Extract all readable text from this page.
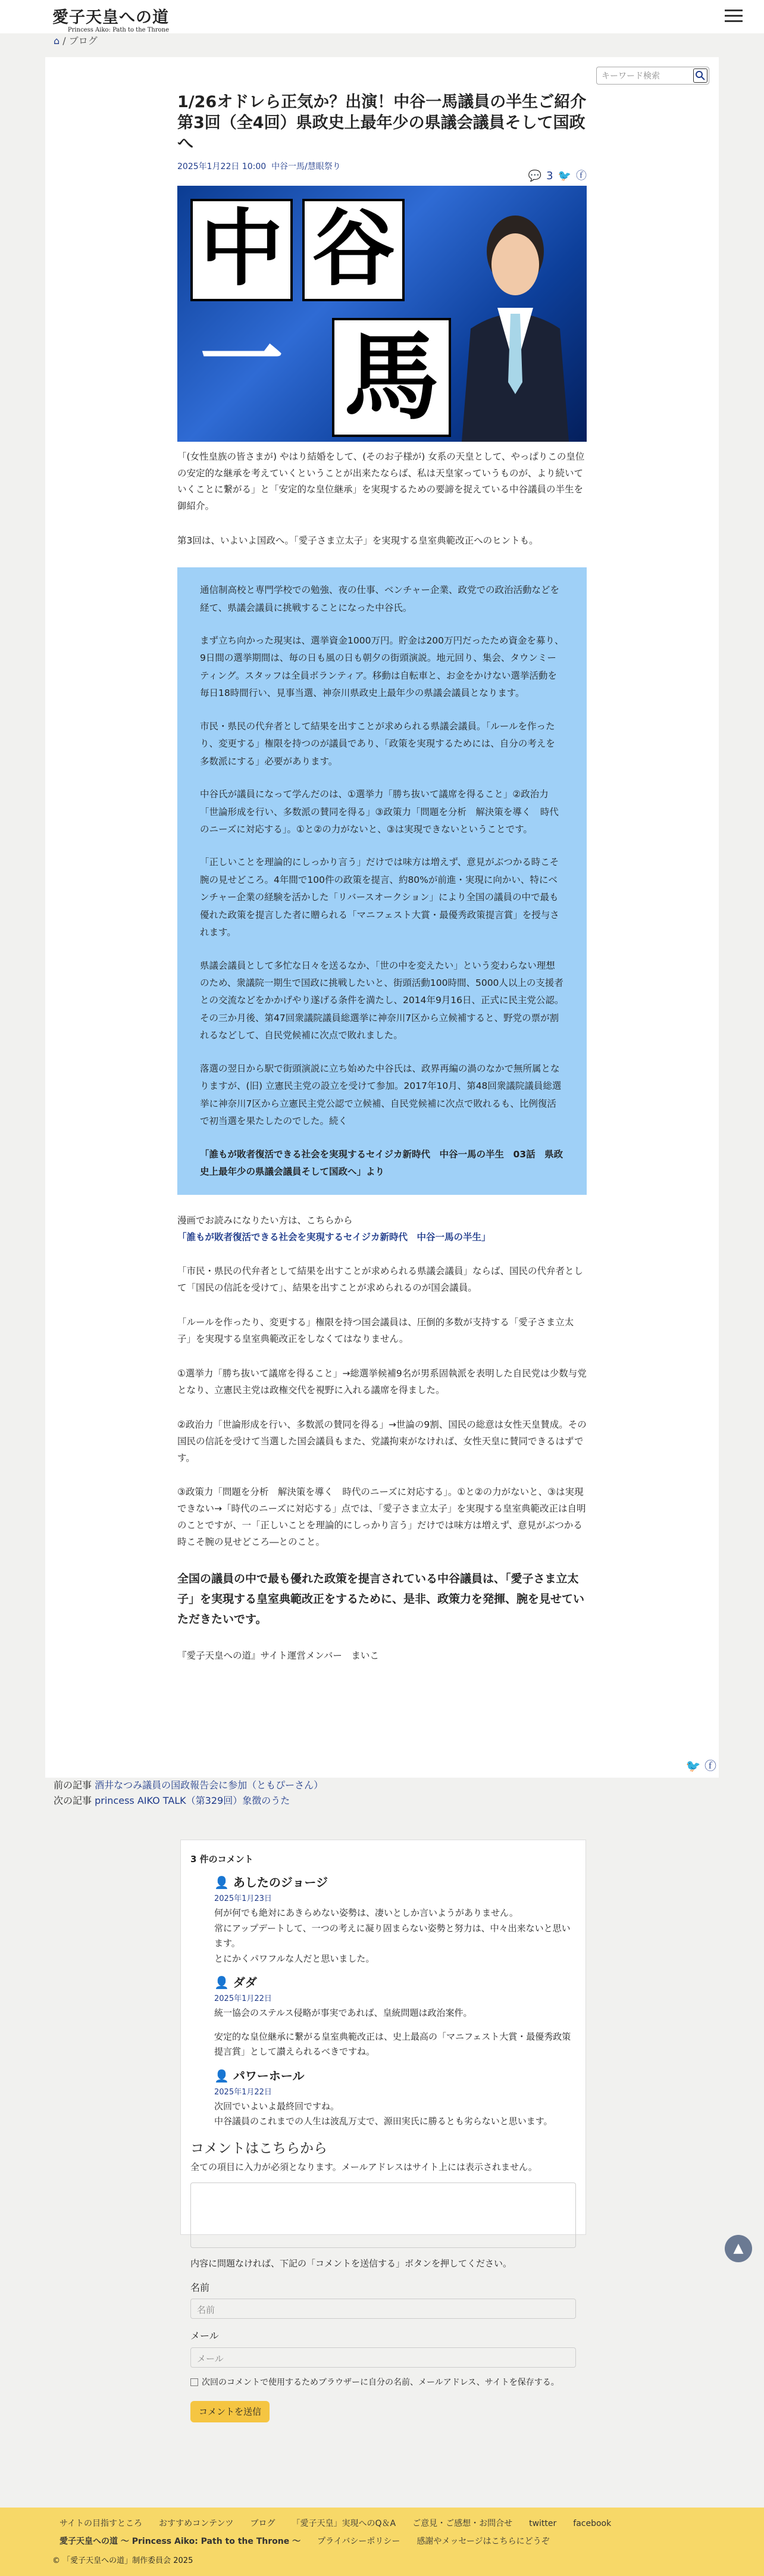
愛子天皇への道
Princess Aiko: Path to the Throne
⌂ / ブログ
キーワード検索
1/26オドレら正気か？出演！中谷一馬議員の半生ご紹介第3回（全4回）県政史上最年少の県議会議員そして国政へ
2025年1月22日 10:00 中谷一馬/慧眼祭り
💬 3 🐦 ⓕ
中 谷
一 馬

「(女性皇族の皆さまが) やはり結婚をして、(そのお子様が) 女系の天皇として、やっぱりこの皇位の安定的な継承を考えていくということが出来たならば、私は天皇家っていうものが、より続いていくことに繋がる」と「安定的な皇位継承」を実現するための要諦を捉えている中谷議員の半生を御紹介。

第3回は、いよいよ国政へ。「愛子さま立太子」を実現する皇室典範改正へのヒントも。

通信制高校と専門学校での勉強、夜の仕事、ベンチャー企業、政党での政治活動などを経て、県議会議員に挑戦することになった中谷氏。

まず立ち向かった現実は、選挙資金1000万円。貯金は200万円だったため資金を募り、9日間の選挙期間は、毎の日も風の日も朝夕の街頭演説。地元回り、集会、タウンミーティング。スタッフは全員ボランティア。移動は自転車と、お金をかけない選挙活動を毎日18時間行い、見事当選、神奈川県政史上最年少の県議会議員となります。

市民・県民の代弁者として結果を出すことが求められる県議会議員。「ルールを作ったり、変更する」権限を持つのが議員であり、「政策を実現するためには、自分の考えを多数派にする」必要があります。

中谷氏が議員になって学んだのは、①選挙力「勝ち抜いて議席を得ること」②政治力「世論形成を行い、多数派の賛同を得る」③政策力「問題を分析　解決策を導く　時代のニーズに対応する」。①と②の力がないと、③は実現できないということです。

「正しいことを理論的にしっかり言う」だけでは味方は増えず、意見がぶつかる時こそ腕の見せどころ。4年間で100件の政策を提言、約80%が前進・実現に向かい、特にベンチャー企業の経験を活かした「リバースオークション」により全国の議員の中で最も優れた政策を提言した者に贈られる「マニフェスト大賞・最優秀政策提言賞」を授与されます。

県議会議員として多忙な日々を送るなか、「世の中を変えたい」という変わらない理想のため、衆議院一期生で国政に挑戦したいと、街頭活動100時間、5000人以上の支援者との交流などをかかげやり遂げる条件を満たし、2014年9月16日、正式に民主党公認。その三か月後、第47回衆議院議員総選挙に神奈川7区から立候補すると、野党の票が割れるなどして、自民党候補に次点で敗れました。

落選の翌日から駅で街頭演説に立ち始めた中谷氏は、政界再編の渦のなかで無所属となりますが、(旧) 立憲民主党の設立を受けて参加。2017年10月、第48回衆議院議員総選挙に神奈川7区から立憲民主党公認で立候補、自民党候補に次点で敗れるも、比例復活で初当選を果たしたのでした。続く

「誰もが敗者復活できる社会を実現するセイジカ新時代　中谷一馬の半生　03話　県政史上最年少の県議会議員そして国政へ」より

漫画でお読みになりたい方は、こちらから

「誰もが敗者復活できる社会を実現するセイジカ新時代　中谷一馬の半生」

「市民・県民の代弁者として結果を出すことが求められる県議会議員」ならば、国民の代弁者として「国民の信託を受けて」、結果を出すことが求められるのが国会議員。

「ルールを作ったり、変更する」権限を持つ国会議員は、圧倒的多数が支持する「愛子さま立太子」を実現する皇室典範改正をしなくてはなりません。

①選挙力「勝ち抜いて議席を得ること」→総選挙候補9名が男系固執派を表明した自民党は少数与党となり、立憲民主党は政権交代を視野に入れる議席を得ました。

②政治力「世論形成を行い、多数派の賛同を得る」→世論の9割、国民の総意は女性天皇賛成。その国民の信託を受けて当選した国会議員もまた、党議拘束がなければ、女性天皇に賛同できるはずです。

③政策力「問題を分析　解決策を導く　時代のニーズに対応する」。①と②の力がないと、③は実現できない→「時代のニーズに対応する」点では、「愛子さま立太子」を実現する皇室典範改正は自明のことですが、一「正しいことを理論的にしっかり言う」だけでは味方は増えず、意見がぶつかる時こそ腕の見せどころ―とのこと。

全国の議員の中で最も優れた政策を提言されている中谷議員は、「愛子さま立太子」を実現する皇室典範改正をするために、是非、政策力を発揮、腕を見せていただきたいです。

『愛子天皇への道』サイト運営メンバー　まいこ

🐦 ⓕ
前の記事 酒井なつみ議員の国政報告会に参加（ともぴーさん）
次の記事 princess AIKO TALK（第329回）象徴のうた
3 件のコメント
👤 あしたのジョージ
2025年1月23日
何が何でも絶対にあきらめない姿勢は、凄いとしか言いようがありません。
常にアップデートして、一つの考えに凝り固まらない姿勢と努力は、中々出来ないと思います。
とにかくパワフルな人だと思いました。
👤 ダダ
2025年1月22日
統一協会のステルス侵略が事実であれば、皇統問題は政治案件。
安定的な皇位継承に繋がる皇室典範改正は、史上最高の「マニフェスト大賞・最優秀政策提言賞」として讃えられるべきですね。
👤 パワーホール
2025年1月22日
次回でいよいよ最終回ですね。
中谷議員のこれまでの人生は波乱万丈で、源田実氏に勝るとも劣らないと思います。
コメントはこちらから
全ての項目に入力が必須となります。メールアドレスはサイト上には表示されません。
内容に問題なければ、下記の「コメントを送信する」ボタンを押してください。
名前
名前
メール
メール
次回のコメントで使用するためブラウザーに自分の名前、メールアドレス、サイトを保存する。
コメントを送信
▲
サイトの目指すところ おすすめコンテンツ ブログ 「愛子天皇」実現へのQ＆A ご意見・ご感想・お問合せ twitter facebook
愛子天皇への道 ～ Princess Aiko: Path to the Throne ～ プライバシーポリシー 感謝やメッセージはこちらにどうぞ
© 「愛子天皇への道」制作委員会 2025
